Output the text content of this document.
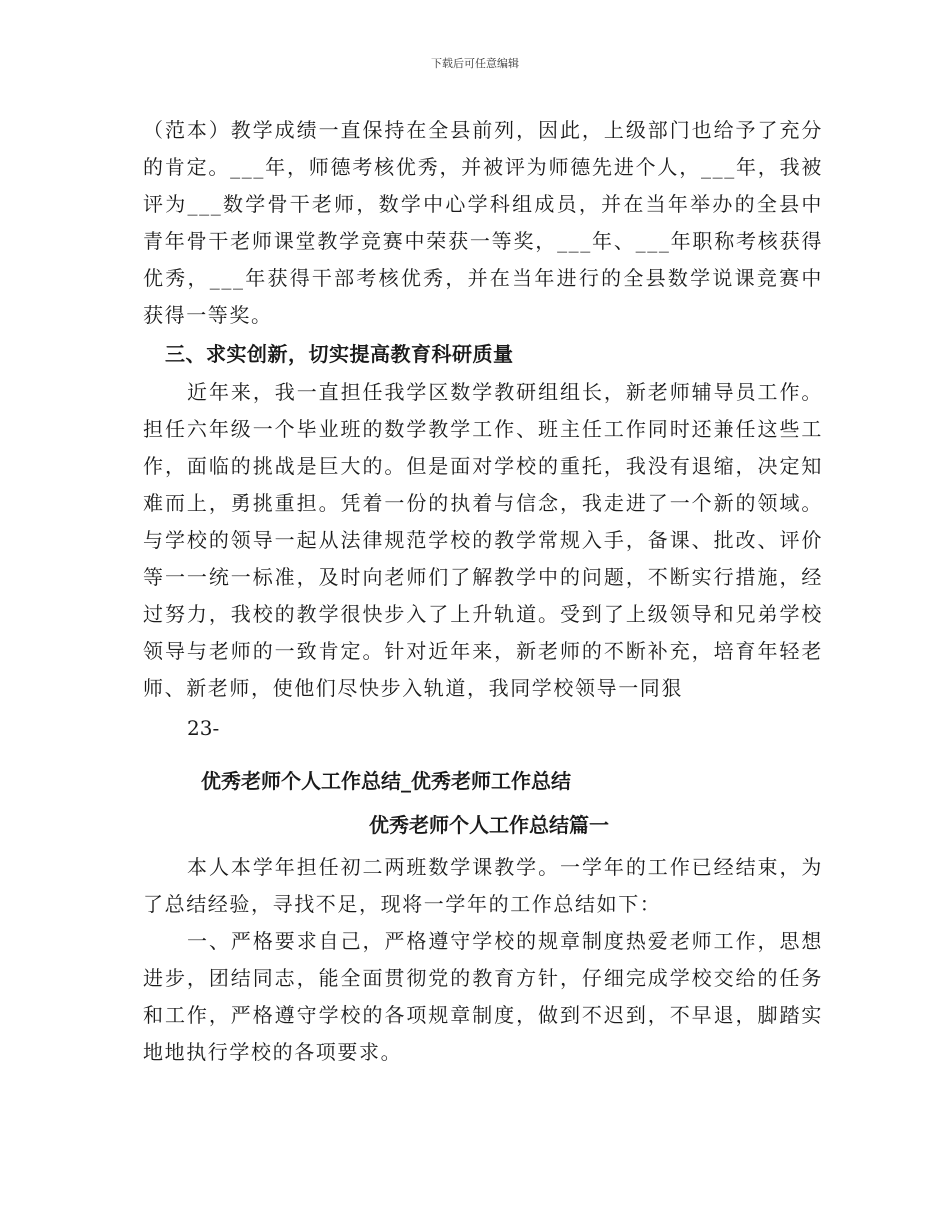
下载后可任意编辑

（范本）教学成绩一直保持在全县前列，因此，上级部门也给予了充分的肯定。___年，师德考核优秀，并被评为师德先进个人，___年，我被评为___数学骨干老师，数学中心学科组成员，并在当年举办的全县中青年骨干老师课堂教学竞赛中荣获一等奖，___年、___年职称考核获得优秀，___年获得干部考核优秀，并在当年进行的全县数学说课竞赛中获得一等奖。

三、求实创新，切实提高教育科研质量

近年来，我一直担任我学区数学教研组组长，新老师辅导员工作。担任六年级一个毕业班的数学教学工作、班主任工作同时还兼任这些工作，面临的挑战是巨大的。但是面对学校的重托，我没有退缩，决定知难而上，勇挑重担。凭着一份的执着与信念，我走进了一个新的领域。与学校的领导一起从法律规范学校的教学常规入手，备课、批改、评价等一一统一标准，及时向老师们了解教学中的问题，不断实行措施，经过努力，我校的教学很快步入了上升轨道。受到了上级领导和兄弟学校领导与老师的一致肯定。针对近年来，新老师的不断补充，培育年轻老师、新老师，使他们尽快步入轨道，我同学校领导一同狠

23-
优秀老师个人工作总结_优秀老师工作总结
优秀老师个人工作总结篇一

本人本学年担任初二两班数学课教学。一学年的工作已经结束，为了总结经验，寻找不足，现将一学年的工作总结如下：

一、严格要求自己，严格遵守学校的规章制度热爱老师工作，思想进步，团结同志，能全面贯彻党的教育方针，仔细完成学校交给的任务和工作，严格遵守学校的各项规章制度，做到不迟到，不早退，脚踏实地地执行学校的各项要求。
